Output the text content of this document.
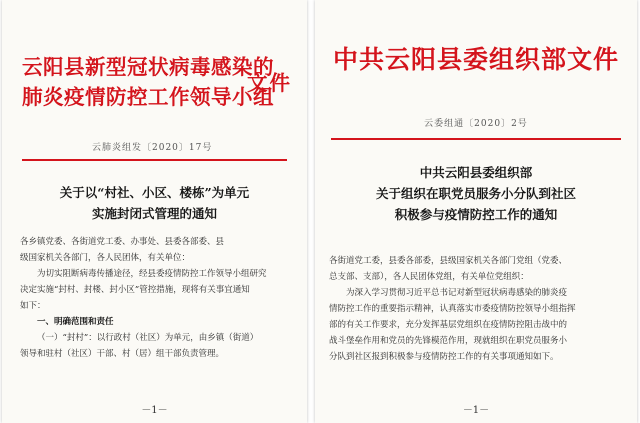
云阳县新型冠状病毒感染的
肺炎疫情防控工作领导小组
文件
云肺炎组发〔2020〕17号
关于以“村社、小区、楼栋”为单元
实施封闭式管理的通知
各乡镇党委、各街道党工委、办事处、县委各部委、县
级国家机关各部门，各人民团体，有关单位：
为切实阻断病毒传播途径，经县委疫情防控工作领导小组研究
决定实施“封村、封楼、封小区”管控措施，现将有关事宜通知
如下：
一、明确范围和责任
（一）“封村”：以行政村（社区）为单元，由乡镇（街道）
领导和驻村（社区）干部、村（居）组干部负责管理。
－1－
中共云阳县委组织部文件
云委组通〔2020〕2号
中共云阳县委组织部
关于组织在职党员服务小分队到社区
积极参与疫情防控工作的通知
各街道党工委，县委各部委，县级国家机关各部门党组（党委、
总支部、支部），各人民团体党组，有关单位党组织：
为深入学习贯彻习近平总书记对新型冠状病毒感染的肺炎疫
情防控工作的重要指示精神，认真落实市委疫情防控领导小组指挥
部的有关工作要求，充分发挥基层党组织在疫情防控阻击战中的
战斗堡垒作用和党员的先锋模范作用，现就组织在职党员服务小
分队到社区报到积极参与疫情防控工作的有关事项通知如下。
－1－
